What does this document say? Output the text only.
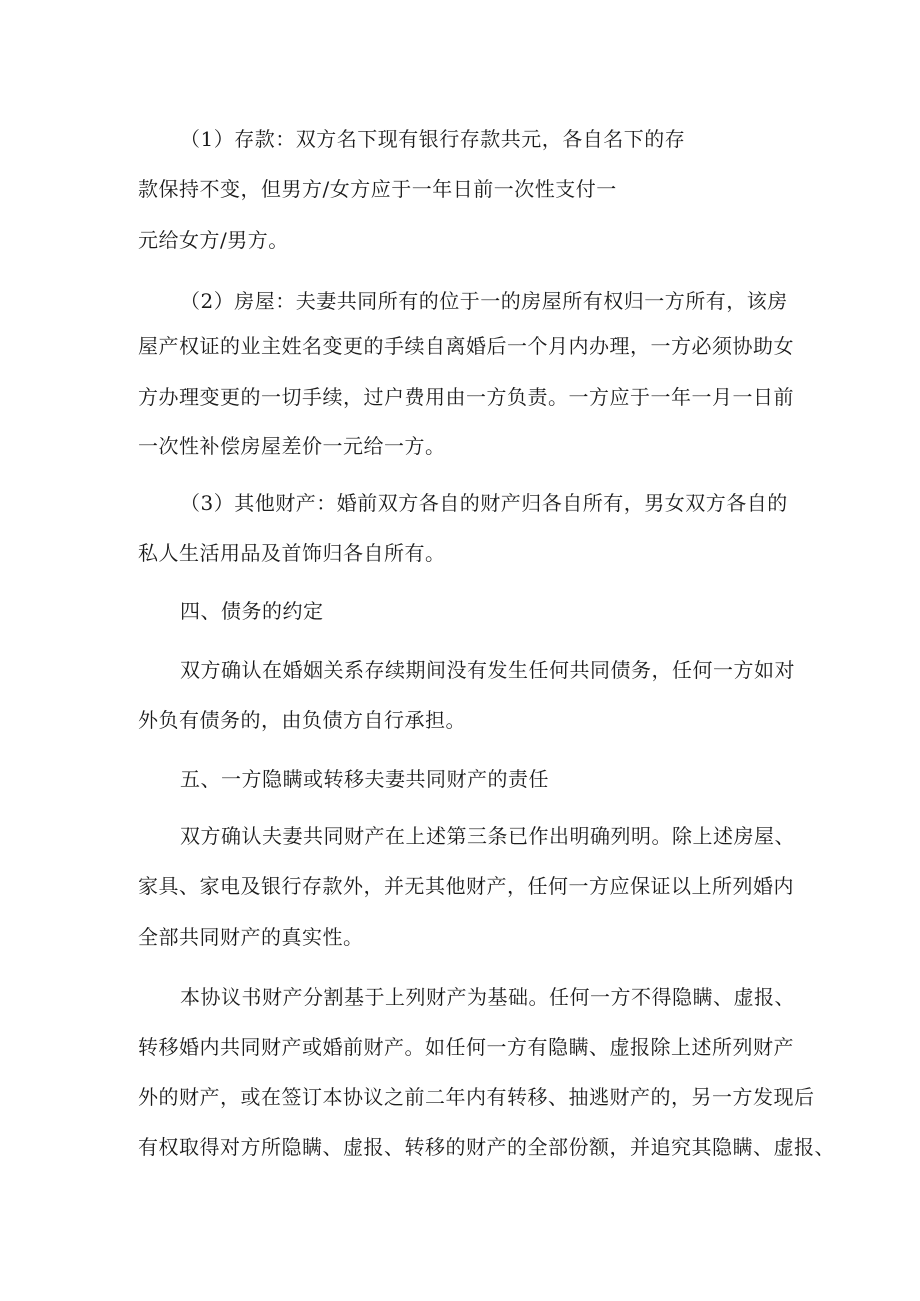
（1）存款：双方名下现有银行存款共元，各自名下的存
款保持不变，但男方/女方应于一年日前一次性支付一
元给女方/男方。
（2）房屋：夫妻共同所有的位于一的房屋所有权归一方所有，该房
屋产权证的业主姓名变更的手续自离婚后一个月内办理，一方必须协助女
方办理变更的一切手续，过户费用由一方负责。一方应于一年一月一日前
一次性补偿房屋差价一元给一方。
（3）其他财产：婚前双方各自的财产归各自所有，男女双方各自的
私人生活用品及首饰归各自所有。
四、债务的约定
双方确认在婚姻关系存续期间没有发生任何共同债务，任何一方如对
外负有债务的，由负债方自行承担。
五、一方隐瞒或转移夫妻共同财产的责任
双方确认夫妻共同财产在上述第三条已作出明确列明。除上述房屋、
家具、家电及银行存款外，并无其他财产，任何一方应保证以上所列婚内
全部共同财产的真实性。
本协议书财产分割基于上列财产为基础。任何一方不得隐瞒、虚报、
转移婚内共同财产或婚前财产。如任何一方有隐瞒、虚报除上述所列财产
外的财产，或在签订本协议之前二年内有转移、抽逃财产的，另一方发现后
有权取得对方所隐瞒、虚报、转移的财产的全部份额，并追究其隐瞒、虚报、
